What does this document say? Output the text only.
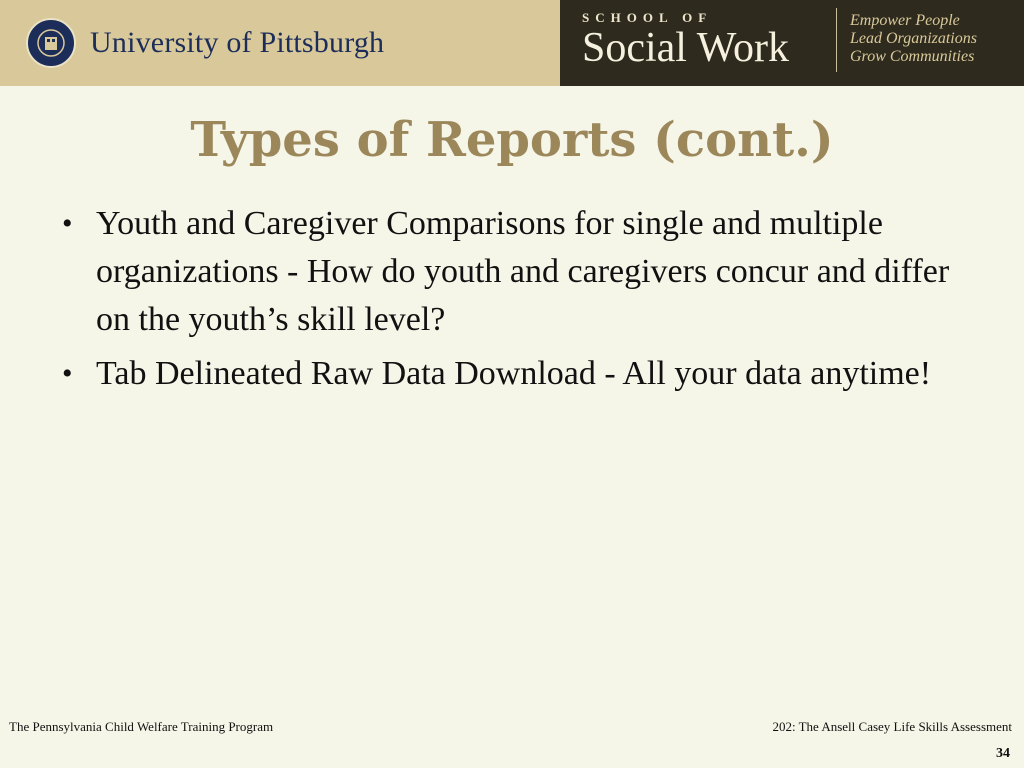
University of Pittsburgh
SCHOOL OF
Social Work
Empower People
Lead Organizations
Grow Communities
Types of Reports (cont.)
• Youth and Caregiver Comparisons for single and multiple organizations - How do youth and caregivers concur and differ on the youth’s skill level?
• Tab Delineated Raw Data Download - All your data anytime!
The Pennsylvania Child Welfare Training Program	202: The Ansell Casey Life Skills Assessment
34
